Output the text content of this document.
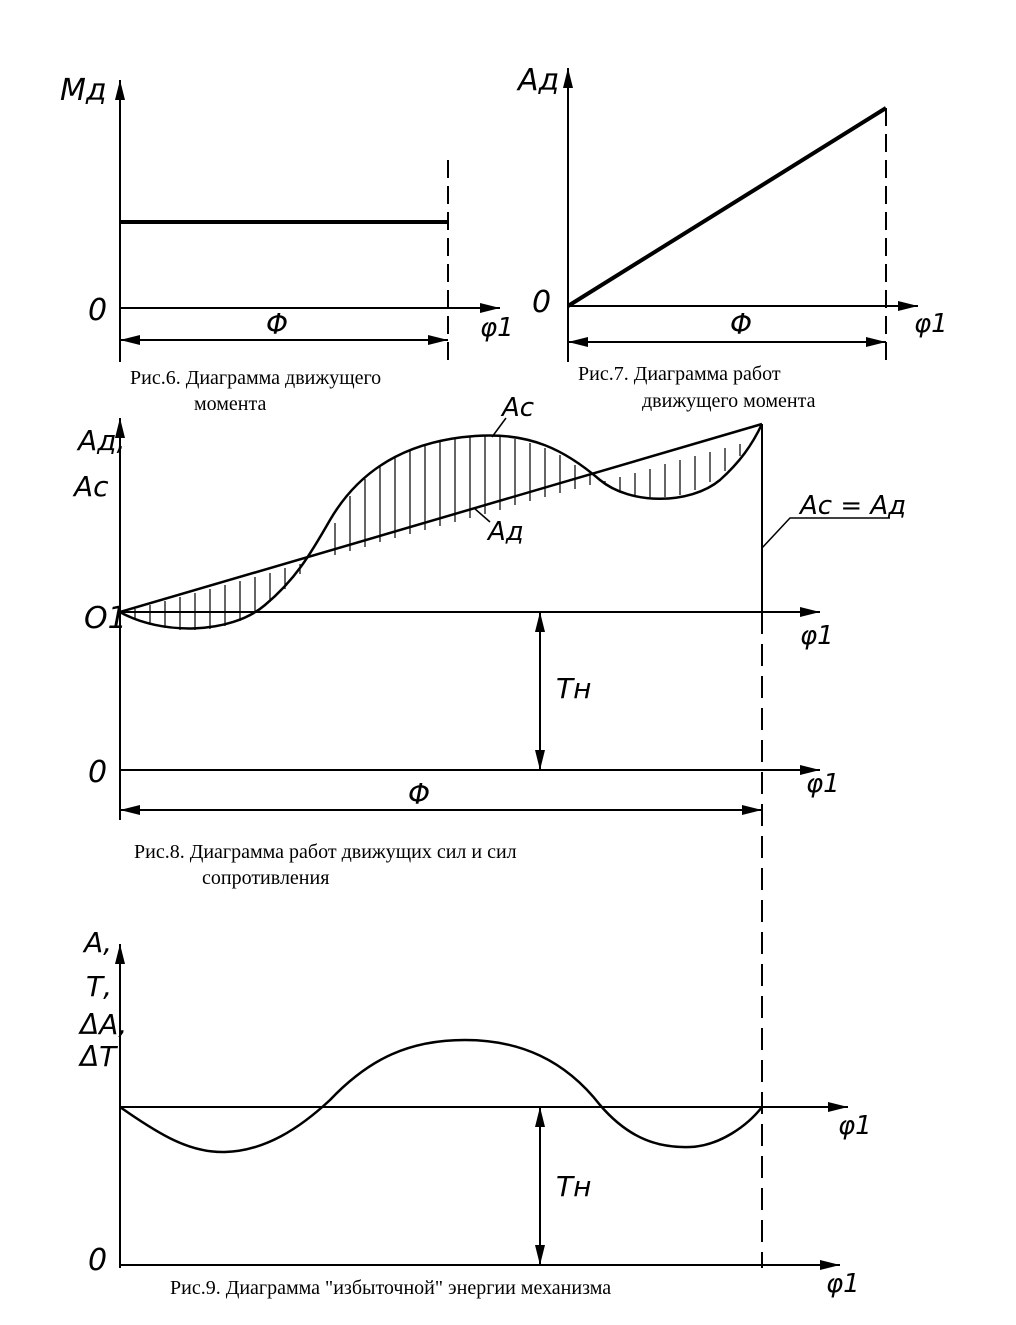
Мд
0	φ1
Φ
Ад
0
φ1
Φ
Ад,
Ас
O1
0
φ1
φ1
Ас
Ад
Ас = Ад
Тн
Φ
А,
Т,
ΔА,
ΔТ
0
φ1
φ1
Тн
Рис.6. Диаграмма движущего
момента
Рис.7. Диаграмма работ
движущего момента
Рис.8. Диаграмма работ движущих сил и сил
сопротивления
Рис.9. Диаграмма "избыточной" энергии механизма
